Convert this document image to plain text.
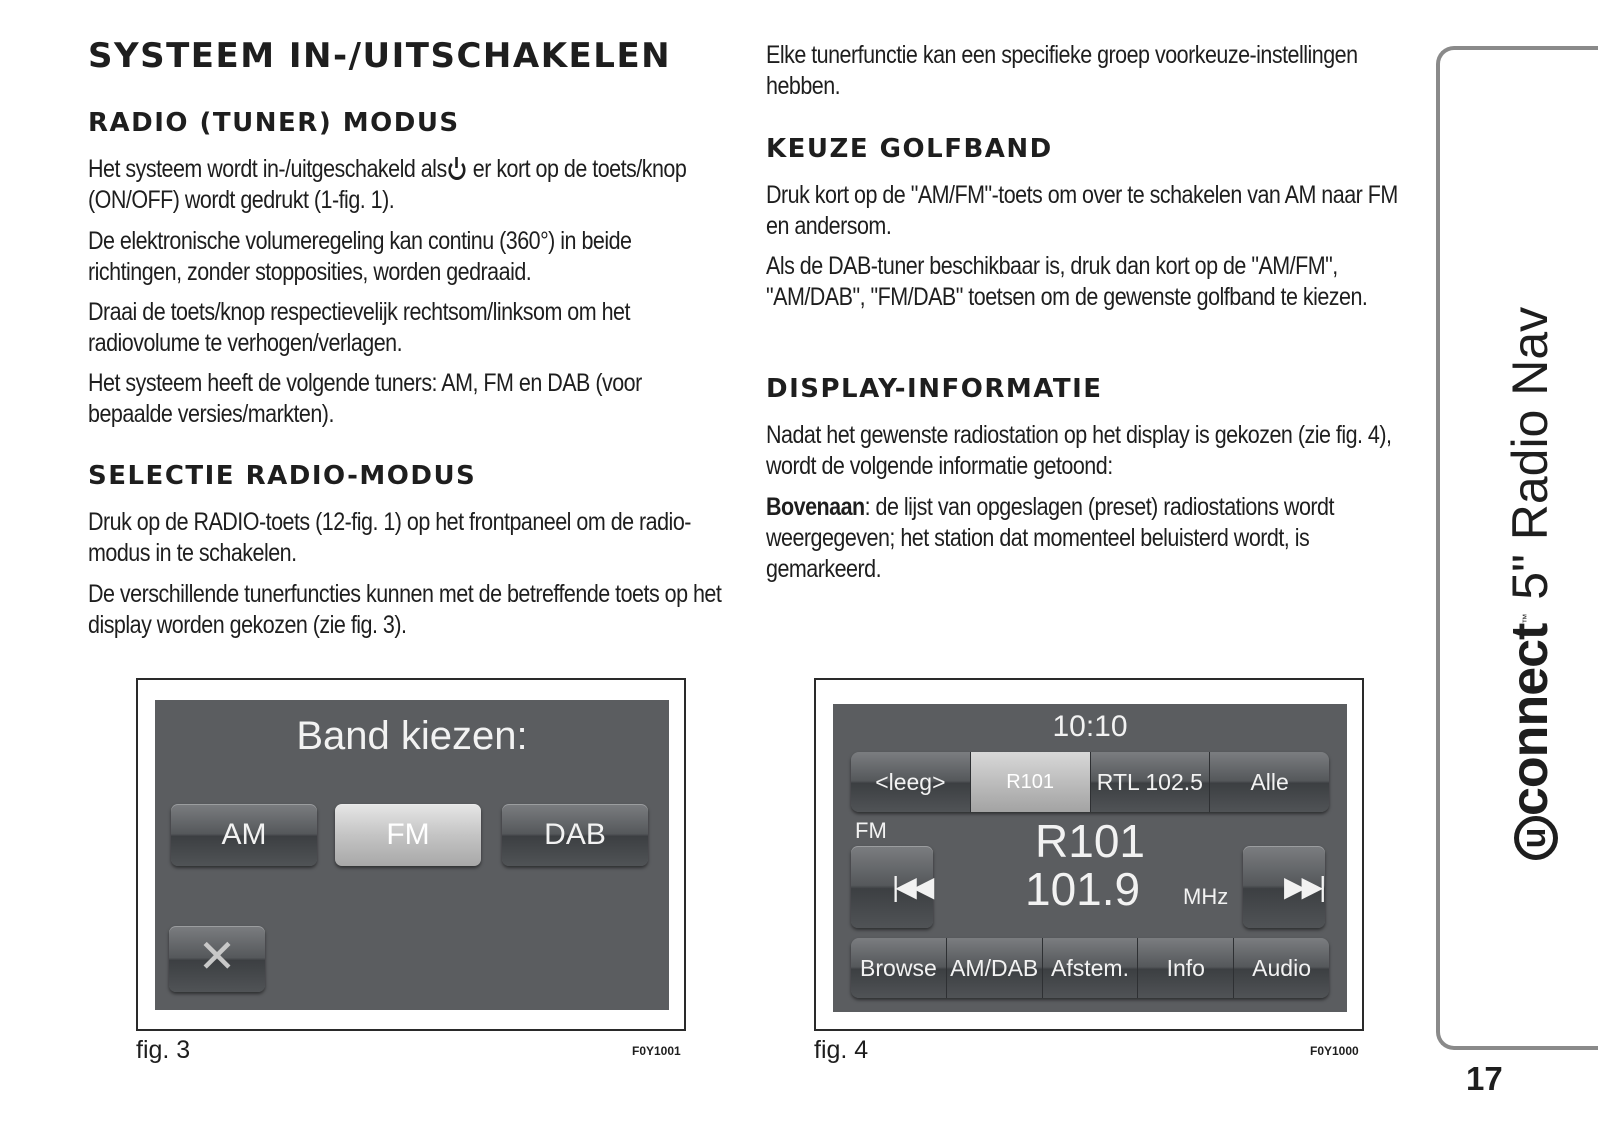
SYSTEEM IN-/UITSCHAKELEN
RADIO (TUNER) MODUS

Het systeem wordt in-/uitgeschakeld als er kort op de toets/knop (ON/OFF) wordt gedrukt (1-fig. 1).

De elektronische volumeregeling kan continu (360°) in beide richtingen, zonder stopposities, worden gedraaid.

Draai de toets/knop respectievelijk rechtsom/linksom om het radiovolume te verhogen/verlagen.

Het systeem heeft de volgende tuners: AM, FM en DAB (voor bepaalde versies/markten).

SELECTIE RADIO-MODUS

Druk op de RADIO-toets (12-fig. 1) op het frontpaneel om de radio-modus in te schakelen.

De verschillende tunerfuncties kunnen met de betreffende toets op het display worden gekozen (zie fig. 3).

Elke tunerfunctie kan een specifieke groep voorkeuze-instellingen hebben.

KEUZE GOLFBAND

Druk kort op de "AM/FM"-toets om over te schakelen van AM naar FM en andersom.

Als de DAB-tuner beschikbaar is, druk dan kort op de "AM/FM", "AM/DAB", "FM/DAB" toetsen om de gewenste golfband te kiezen.

DISPLAY-INFORMATIE

Nadat het gewenste radiostation op het display is gekozen (zie fig. 4), wordt de volgende informatie getoond:

Bovenaan: de lijst van opgeslagen (preset) radiostations wordt weergegeven; het station dat momenteel beluisterd wordt, is gemarkeerd.

Band kiezen:
AM	FM	DAB
✕
fig. 3	F0Y1001
10:10
<leeg>	R101	RTL 102.5	Alle
FM	R101
101.9 MHz
|◀◀	▶▶|
Browse AM/DAB Afstem.	Info	Audio
fig. 4	F0Y1000
uconnect™ 5" Radio Nav
17
